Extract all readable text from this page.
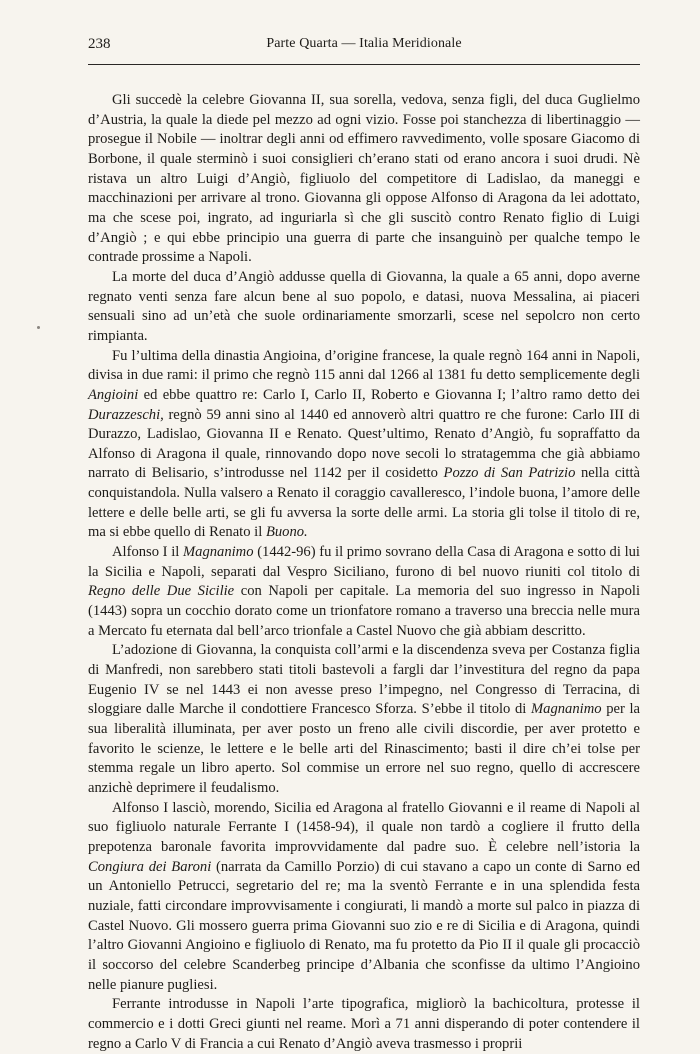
238	Parte Quarta — Italia Meridionale

Gli succedè la celebre Giovanna II, sua sorella, vedova, senza figli, del duca Guglielmo d’Austria, la quale la diede pel mezzo ad ogni vizio. Fosse poi stanchezza di libertinaggio — prosegue il Nobile — inoltrar degli anni od effimero ravvedimento, volle sposare Giacomo di Borbone, il quale sterminò i suoi consiglieri ch’erano stati od erano ancora i suoi drudi. Nè ristava un altro Luigi d’Angiò, figliuolo del competitore di Ladislao, da maneggi e macchinazioni per arrivare al trono. Giovanna gli oppose Alfonso di Aragona da lei adottato, ma che scese poi, ingrato, ad inguriarla sì che gli suscitò contro Renato figlio di Luigi d’Angiò ; e qui ebbe principio una guerra di parte che insanguinò per qualche tempo le contrade prossime a Napoli.

La morte del duca d’Angiò addusse quella di Giovanna, la quale a 65 anni, dopo averne regnato venti senza fare alcun bene al suo popolo, e datasi, nuova Messalina, ai piaceri sensuali sino ad un’età che suole ordinariamente smorzarli, scese nel sepolcro non certo rimpianta.

Fu l’ultima della dinastia Angioina, d’origine francese, la quale regnò 164 anni in Napoli, divisa in due rami: il primo che regnò 115 anni dal 1266 al 1381 fu detto semplicemente degli Angioini ed ebbe quattro re: Carlo I, Carlo II, Roberto e Giovanna I; l’altro ramo detto dei Durazzeschi, regnò 59 anni sino al 1440 ed annoverò altri quattro re che furone: Carlo III di Durazzo, Ladislao, Giovanna II e Renato. Quest’ultimo, Renato d’Angiò, fu sopraffatto da Alfonso di Aragona il quale, rinnovando dopo nove secoli lo stratagemma che già abbiamo narrato di Belisario, s’introdusse nel 1142 per il cosidetto Pozzo di San Patrizio nella città conquistandola. Nulla valsero a Renato il coraggio cavalleresco, l’indole buona, l’amore delle lettere e delle belle arti, se gli fu avversa la sorte delle armi. La storia gli tolse il titolo di re, ma si ebbe quello di Renato il Buono.

Alfonso I il Magnanimo (1442-96) fu il primo sovrano della Casa di Aragona e sotto di lui la Sicilia e Napoli, separati dal Vespro Siciliano, furono di bel nuovo riuniti col titolo di Regno delle Due Sicilie con Napoli per capitale. La memoria del suo ingresso in Napoli (1443) sopra un cocchio dorato come un trionfatore romano a traverso una breccia nelle mura a Mercato fu eternata dal bell’arco trionfale a Castel Nuovo che già abbiam descritto.

L’adozione di Giovanna, la conquista coll’armi e la discendenza sveva per Costanza figlia di Manfredi, non sarebbero stati titoli bastevoli a fargli dar l’investitura del regno da papa Eugenio IV se nel 1443 ei non avesse preso l’impegno, nel Congresso di Terracina, di sloggiare dalle Marche il condottiere Francesco Sforza. S’ebbe il titolo di Magnanimo per la sua liberalità illuminata, per aver posto un freno alle civili discordie, per aver protetto e favorito le scienze, le lettere e le belle arti del Rinascimento; basti il dire ch’ei tolse per stemma regale un libro aperto. Sol commise un errore nel suo regno, quello di accrescere anzichè deprimere il feudalismo.

Alfonso I lasciò, morendo, Sicilia ed Aragona al fratello Giovanni e il reame di Napoli al suo figliuolo naturale Ferrante I (1458-94), il quale non tardò a cogliere il frutto della prepotenza baronale favorita improvvidamente dal padre suo. È celebre nell’istoria la Congiura dei Baroni (narrata da Camillo Porzio) di cui stavano a capo un conte di Sarno ed un Antoniello Petrucci, segretario del re; ma la sventò Ferrante e in una splendida festa nuziale, fatti circondare improvvisamente i congiurati, li mandò a morte sul palco in piazza di Castel Nuovo. Gli mossero guerra prima Giovanni suo zio e re di Sicilia e di Aragona, quindi l’altro Giovanni Angioino e figliuolo di Renato, ma fu protetto da Pio II il quale gli procacciò il soccorso del celebre Scanderbeg principe d’Albania che sconfisse da ultimo l’Angioino nelle pianure pugliesi.

Ferrante introdusse in Napoli l’arte tipografica, migliorò la bachicoltura, protesse il commercio e i dotti Greci giunti nel reame. Morì a 71 anni disperando di poter contendere il regno a Carlo V di Francia a cui Renato d’Angiò aveva trasmesso i proprii
